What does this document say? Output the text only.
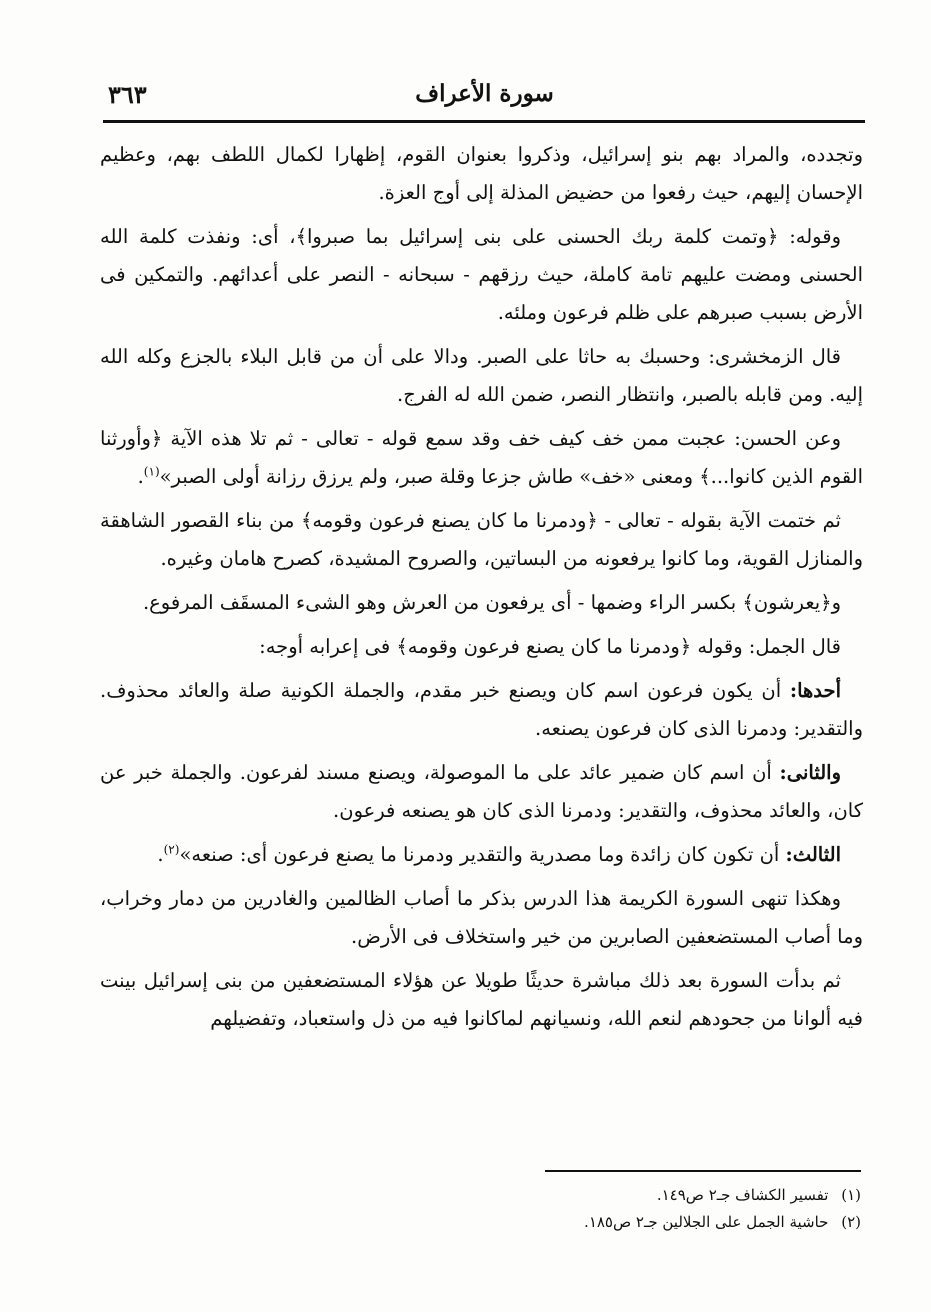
سورة الأعراف
٣٦٣

وتجدده، والمراد بهم بنو إسرائيل، وذكروا بعنوان القوم، إظهارا لكمال اللطف بهم، وعظيم الإحسان إليهم، حيث رفعوا من حضيض المذلة إلى أوج العزة.

وقوله: ﴿وتمت كلمة ربك الحسنى على بنى إسرائيل بما صبروا﴾، أى: ونفذت كلمة الله الحسنى ومضت عليهم تامة كاملة، حيث رزقهم - سبحانه - النصر على أعدائهم. والتمكين فى الأرض بسبب صبرهم على ظلم فرعون وملئه.

قال الزمخشرى: وحسبك به حاثا على الصبر. ودالا على أن من قابل البلاء بالجزع وكله الله إليه. ومن قابله بالصبر، وانتظار النصر، ضمن الله له الفرج.

وعن الحسن: عجبت ممن خف كيف خف وقد سمع قوله - تعالى - ثم تلا هذه الآية ﴿وأورثنا القوم الذين كانوا...﴾ ومعنى «خف» طاش جزعا وقلة صبر، ولم يرزق رزانة أولى الصبر»$^{(١)}$.

ثم ختمت الآية بقوله - تعالى - ﴿ودمرنا ما كان يصنع فرعون وقومه﴾ من بناء القصور الشاهقة والمنازل القوية، وما كانوا يرفعونه من البساتين، والصروح المشيدة، كصرح هامان وغيره.

و﴿يعرشون﴾ بكسر الراء وضمها - أى يرفعون من العرش وهو الشىء المسقَف المرفوع.

قال الجمل: وقوله ﴿ودمرنا ما كان يصنع فرعون وقومه﴾ فى إعرابه أوجه:

أحدها: أن يكون فرعون اسم كان ويصنع خبر مقدم، والجملة الكونية صلة والعائد محذوف. والتقدير: ودمرنا الذى كان فرعون يصنعه.

والثانى: أن اسم كان ضمير عائد على ما الموصولة، ويصنع مسند لفرعون. والجملة خبر عن كان، والعائد محذوف، والتقدير: ودمرنا الذى كان هو يصنعه فرعون.

الثالث: أن تكون كان زائدة وما مصدرية والتقدير ودمرنا ما يصنع فرعون أى: صنعه»$^{(٢)}$.

وهكذا تنهى السورة الكريمة هذا الدرس بذكر ما أصاب الظالمين والغادرين من دمار وخراب، وما أصاب المستضعفين الصابرين من خير واستخلاف فى الأرض.

ثم بدأت السورة بعد ذلك مباشرة حديثًا طويلا عن هؤلاء المستضعفين من بنى إسرائيل بينت فيه ألوانا من جحودهم لنعم الله، ونسيانهم لماكانوا فيه من ذل واستعباد، وتفضيلهم

(١) تفسير الكشاف جـ٢ ص١٤٩.
(٢) حاشية الجمل على الجلالين جـ٢ ص١٨٥.
